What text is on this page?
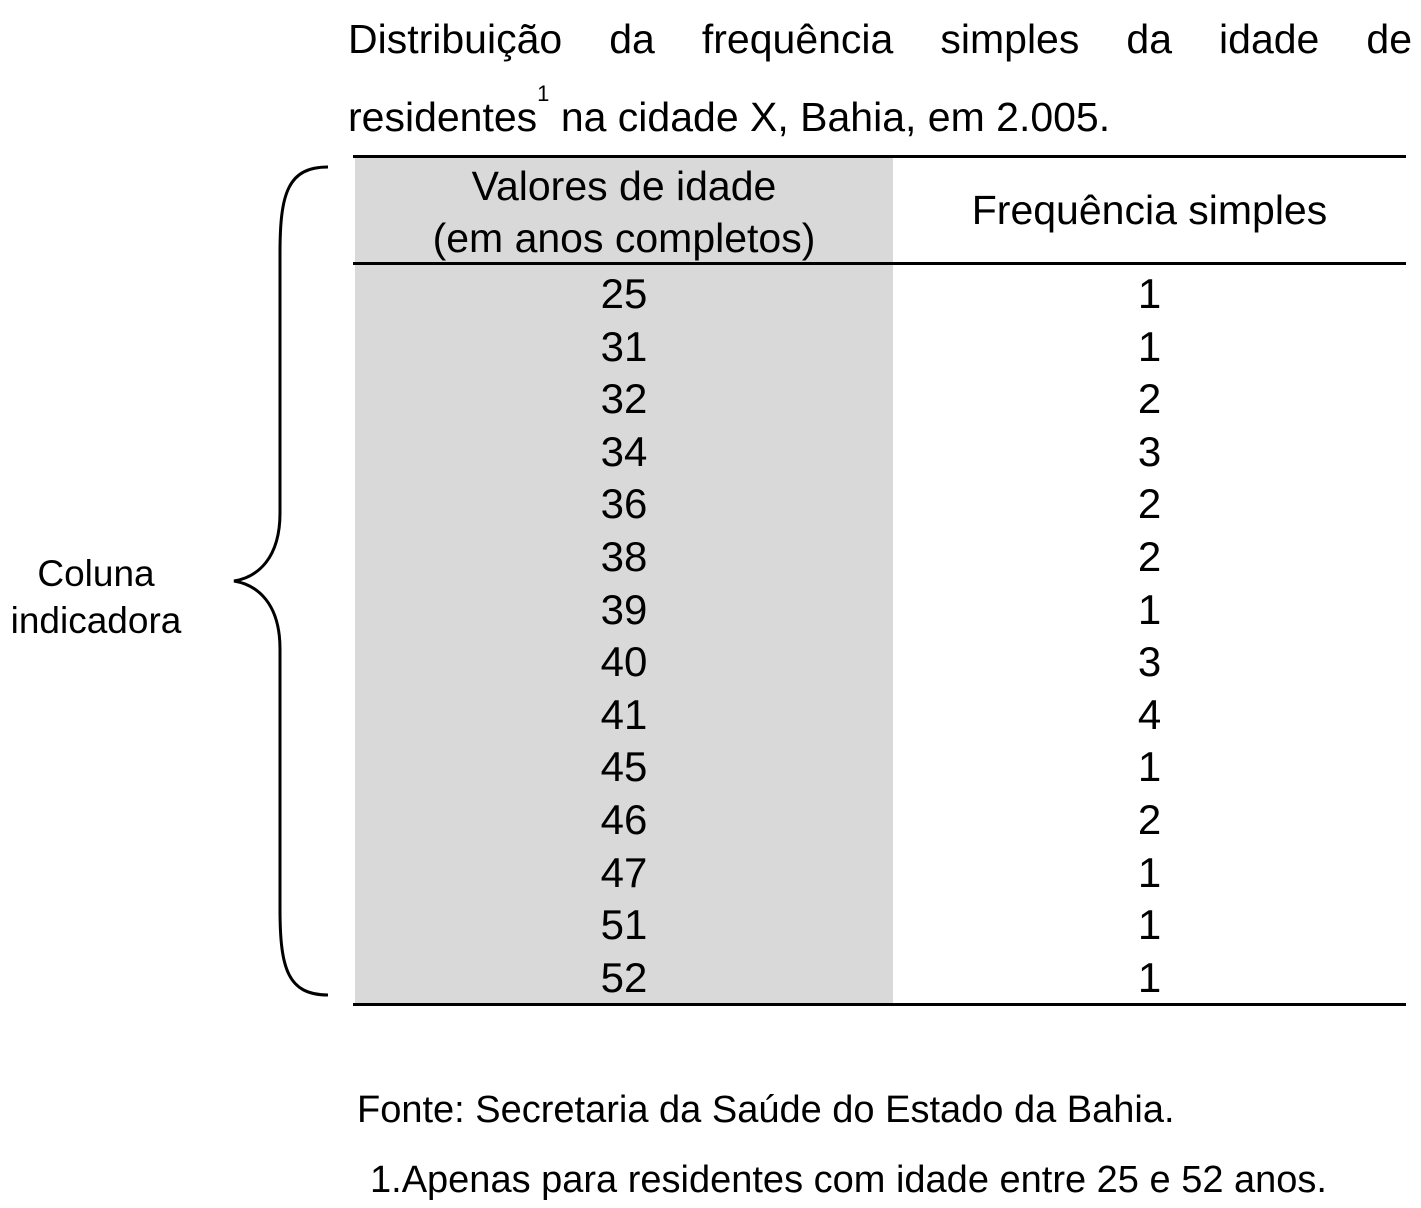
Distribuição da frequência simples da idade de
residentes$^1$ na cidade X, Bahia, em 2.005.
Valores de idade
(em anos completos)
Frequência simples
25	1
31	1
32	2
34	3
36	2
38	2
39	1
40	3
41	4
45	1
46	2
47	1
51	1
52	1
Coluna
indicadora
Fonte: Secretaria da Saúde do Estado da Bahia.
1.Apenas para residentes com idade entre 25 e 52 anos.
